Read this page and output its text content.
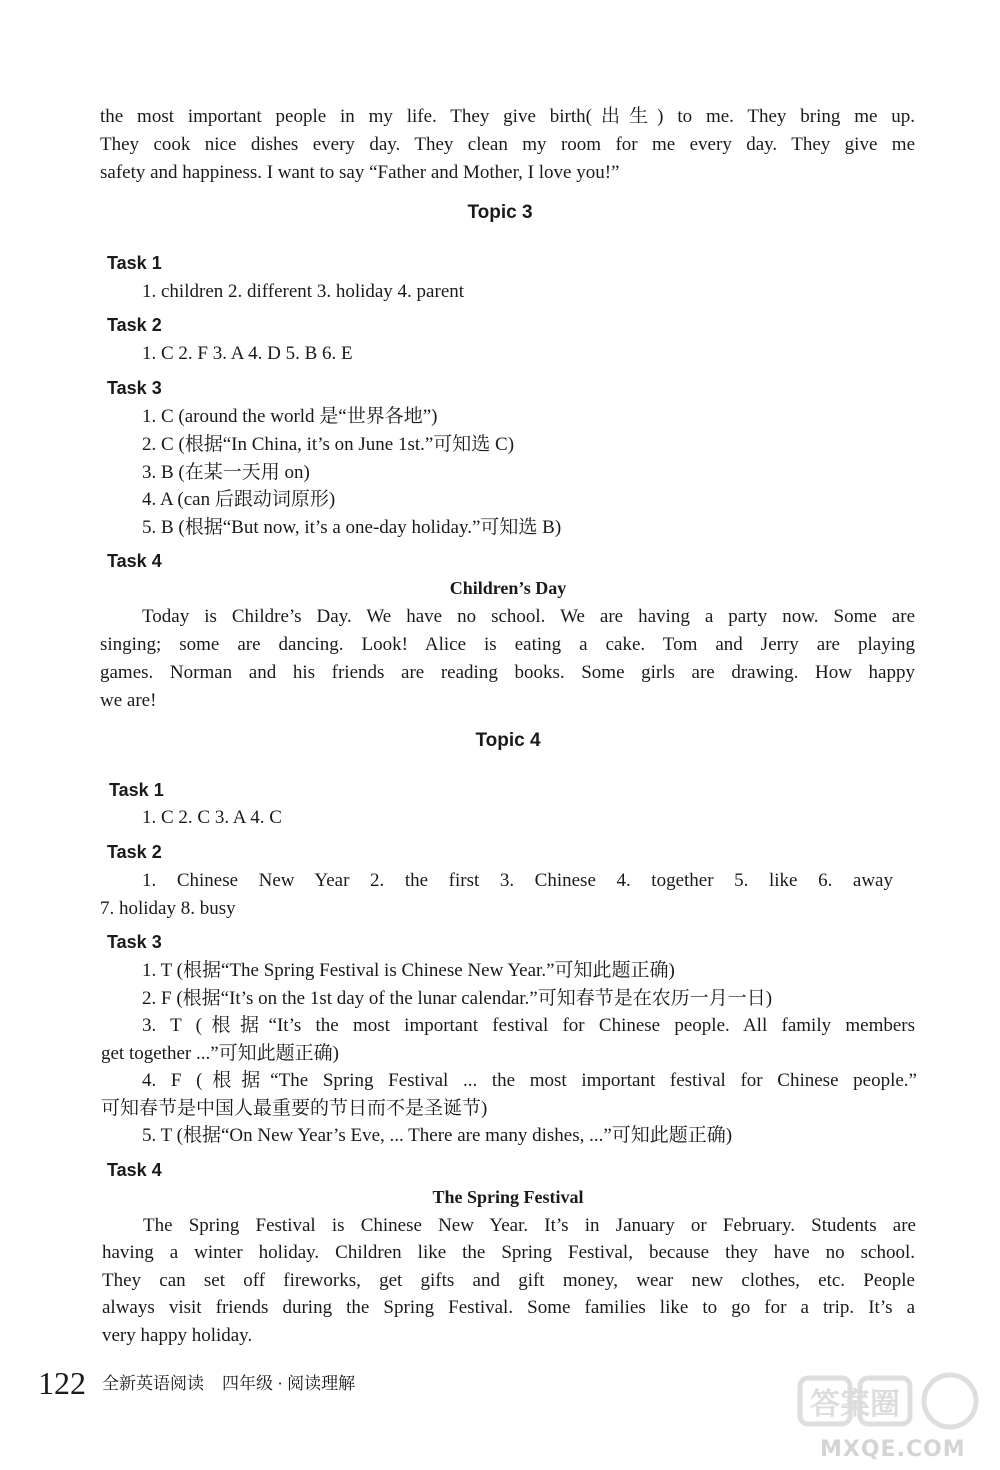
the most important people in my life. They give birth(出生) to me. They bring me up.
They cook nice dishes every day. They clean my room for me every day. They give me
safety and happiness. I want to say “Father and Mother, I love you!”
Topic 3
Task 1
1. children 2. different 3. holiday 4. parent
Task 2
1. C 2. F 3. A 4. D 5. B 6. E
Task 3
1. C (around the world 是“世界各地”)
2. C (根据“In China, it’s on June 1st.”可知选 C)
3. B (在某一天用 on)
4. A (can 后跟动词原形)
5. B (根据“But now, it’s a one-day holiday.”可知选 B)
Task 4
Children’s Day
Today is Childre’s Day. We have no school. We are having a party now. Some are
singing; some are dancing. Look! Alice is eating a cake. Tom and Jerry are playing
games. Norman and his friends are reading books. Some girls are drawing. How happy
we are!
Topic 4
Task 1
1. C 2. C 3. A 4. C
Task 2
1. Chinese New Year 2. the first 3. Chinese 4. together 5. like 6. away
7. holiday 8. busy
Task 3
1. T (根据“The Spring Festival is Chinese New Year.”可知此题正确)
2. F (根据“It’s on the 1st day of the lunar calendar.”可知春节是在农历一月一日)
3. T (根据“It’s the most important festival for Chinese people. All family members
get together ...”可知此题正确)
4. F (根据“The Spring Festival ... the most important festival for Chinese people.”
可知春节是中国人最重要的节日而不是圣诞节)
5. T (根据“On New Year’s Eve, ... There are many dishes, ...”可知此题正确)
Task 4
The Spring Festival
The Spring Festival is Chinese New Year. It’s in January or February. Students are
having a winter holiday. Children like the Spring Festival, because they have no school.
They can set off fireworks, get gifts and gift money, wear new clothes, etc. People
always visit friends during the Spring Festival. Some families like to go for a trip. It’s a
very happy holiday.
122 全新英语阅读 四年级 · 阅读理解
答案圈
MXQE.COM
